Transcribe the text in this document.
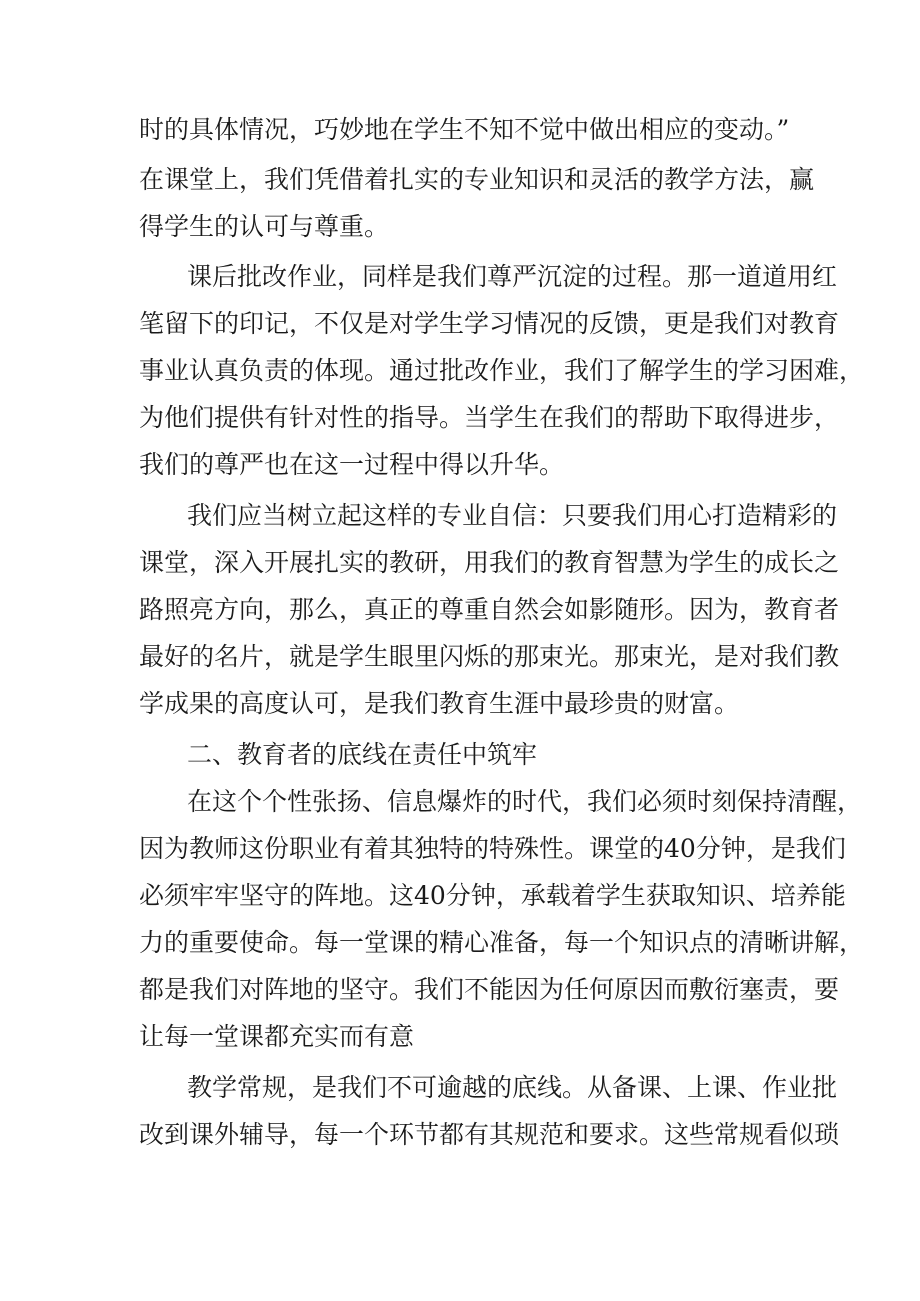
时的具体情况，巧妙地在学生不知不觉中做出相应的变动。”

在课堂上，我们凭借着扎实的专业知识和灵活的教学方法，赢

得学生的认可与尊重。

课后批改作业，同样是我们尊严沉淀的过程。那一道道用红

笔留下的印记，不仅是对学生学习情况的反馈，更是我们对教育

事业认真负责的体现。通过批改作业，我们了解学生的学习困难，

为他们提供有针对性的指导。当学生在我们的帮助下取得进步，

我们的尊严也在这一过程中得以升华。

我们应当树立起这样的专业自信：只要我们用心打造精彩的

课堂，深入开展扎实的教研，用我们的教育智慧为学生的成长之

路照亮方向，那么，真正的尊重自然会如影随形。因为，教育者

最好的名片，就是学生眼里闪烁的那束光。那束光，是对我们教

学成果的高度认可，是我们教育生涯中最珍贵的财富。

二、教育者的底线在责任中筑牢

在这个个性张扬、信息爆炸的时代，我们必须时刻保持清醒，

因为教师这份职业有着其独特的特殊性。课堂的40分钟，是我们

必须牢牢坚守的阵地。这40分钟，承载着学生获取知识、培养能

力的重要使命。每一堂课的精心准备，每一个知识点的清晰讲解，

都是我们对阵地的坚守。我们不能因为任何原因而敷衍塞责，要

让每一堂课都充实而有意

教学常规，是我们不可逾越的底线。从备课、上课、作业批

改到课外辅导，每一个环节都有其规范和要求。这些常规看似琐
